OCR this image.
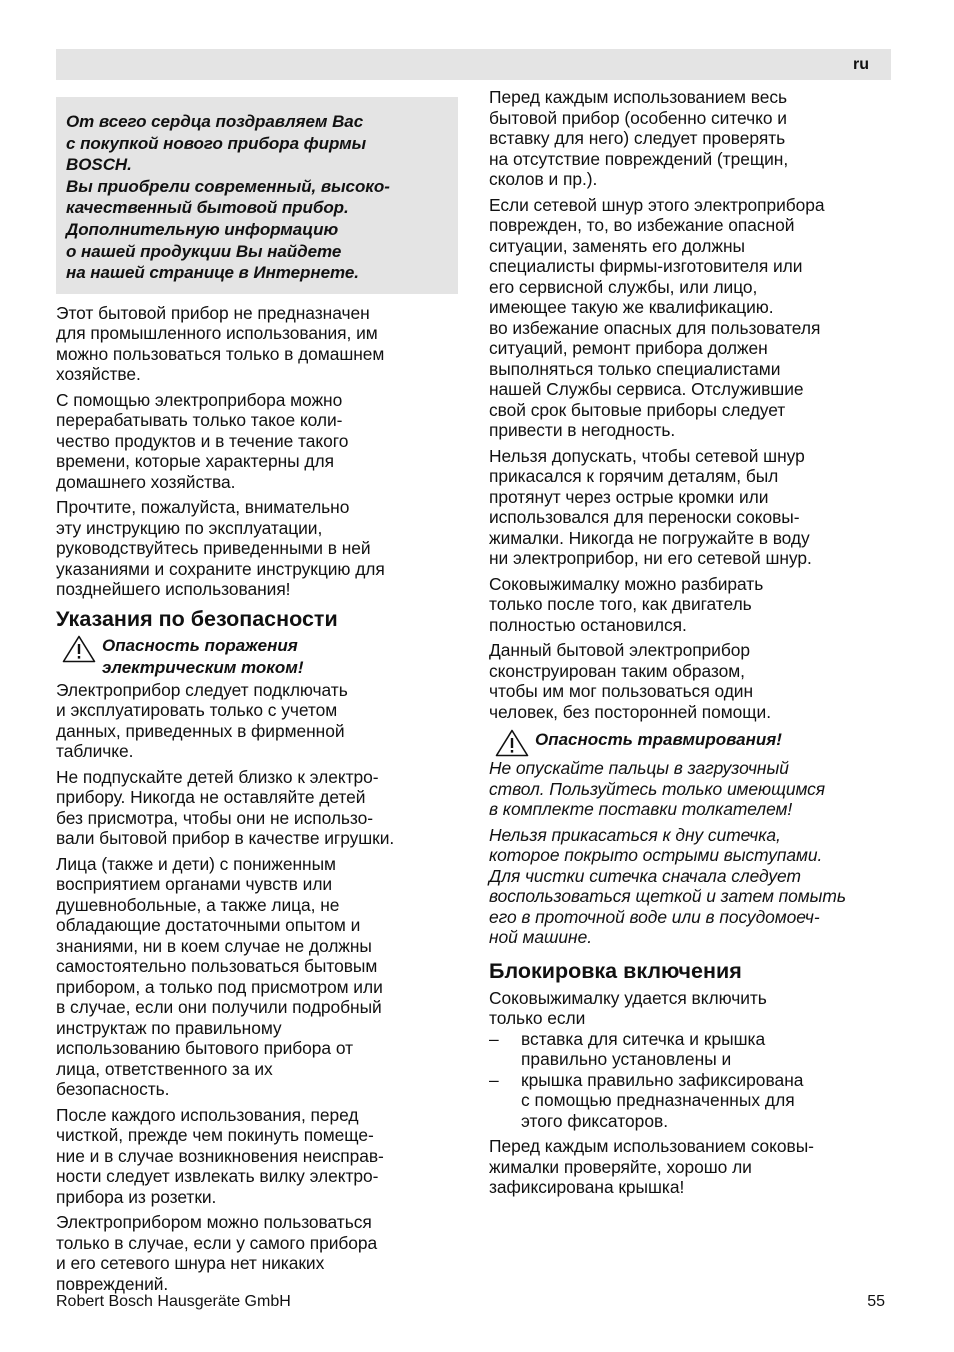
ru

От всего сердца поздравляем Вас
с покупкой нового прибора фирмы
BOSCH.
Вы приобрели современный, высоко-
качественный бытовой прибор.
Дополнительную информацию
о нашей продукции Вы найдете
на нашей странице в Интернете.

Этот бытовой прибор не предназначен
для промышленного использования, им
можно пользоваться только в домашнем
хозяйстве.

С помощью электроприбора можно
перерабатывать только такое коли-
чество продуктов и в течение такого
времени, которые характерны для
домашнего хозяйства.

Прочтите, пожалуйста, внимательно
эту инструкцию по эксплуатации,
руководствуйтесь приведенными в ней
указаниями и сохраните инструкцию для
позднейшего использования!

Указания по безопасности
Опасность поражения
электрическим током!

Электроприбор следует подключать
и эксплуатировать только с учетом
данных, приведенных в фирменной
табличке.

Не подпускайте детей близко к электро-
прибору. Никогда не оставляйте детей
без присмотра, чтобы они не использо-
вали бытовой прибор в качестве игрушки.

Лица (также и дети) с пониженным
восприятием органами чувств или
душевнобольные, а также лица, не
обладающие достаточными опытом и
знаниями, ни в коем случае не должны
самостоятельно пользоваться бытовым
прибором, а только под присмотром или
в случае, если они получили подробный
инструктаж по правильному
использованию бытового прибора от
лица, ответственного за их
безопасность.

После каждого использования, перед
чисткой, прежде чем покинуть помеще-
ние и в случае возникновения неисправ-
ности следует извлекать вилку электро-
прибора из розетки.

Электроприбором можно пользоваться
только в случае, если у самого прибора
и его сетевого шнура нет никаких
повреждений.

Перед каждым использованием весь
бытовой прибор (особенно ситечко и
вставку для него) следует проверять
на отсутствие повреждений (трещин,
сколов и пр.).

Если сетевой шнур этого электроприбора
поврежден, то, во избежание опасной
ситуации, заменять его должны
специалисты фирмы-изготовителя или
его сервисной службы, или лицо,
имеющее такую же квалификацию.
во избежание опасных для пользователя
ситуаций, ремонт прибора должен
выполняться только специалистами
нашей Службы сервиса. Отслужившие
свой срок бытовые приборы следует
привести в негодность.

Нельзя допускать, чтобы сетевой шнур
прикасался к горячим деталям, был
протянут через острые кромки или
использовался для переноски соковы-
жималки. Никогда не погружайте в воду
ни электроприбор, ни его сетевой шнур.

Соковыжималку можно разбирать
только после того, как двигатель
полностью остановился.

Данный бытовой электроприбор
сконструирован таким образом,
чтобы им мог пользоваться один
человек, без посторонней помощи.

Опасность травмирования!

Не опускайте пальцы в загрузочный
ствол. Пользуйтесь только имеющимся
в комплекте поставки толкателем!

Нельзя прикасаться к дну ситечка,
которое покрыто острыми выступами.
Для чистки ситечка сначала следует
воспользоваться щеткой и затем помыть
его в проточной воде или в посудомоеч-
ной машине.

Блокировка включения

Соковыжималку удается включить
только если

–	вставка для ситечка и крышка
правильно установлены и
–	крышка правильно зафиксирована
с помощью предназначенных для
этого фиксаторов.

Перед каждым использованием соковы-
жималки проверяйте, хорошо ли
зафиксирована крышка!

Robert Bosch Hausgeräte GmbH	55
